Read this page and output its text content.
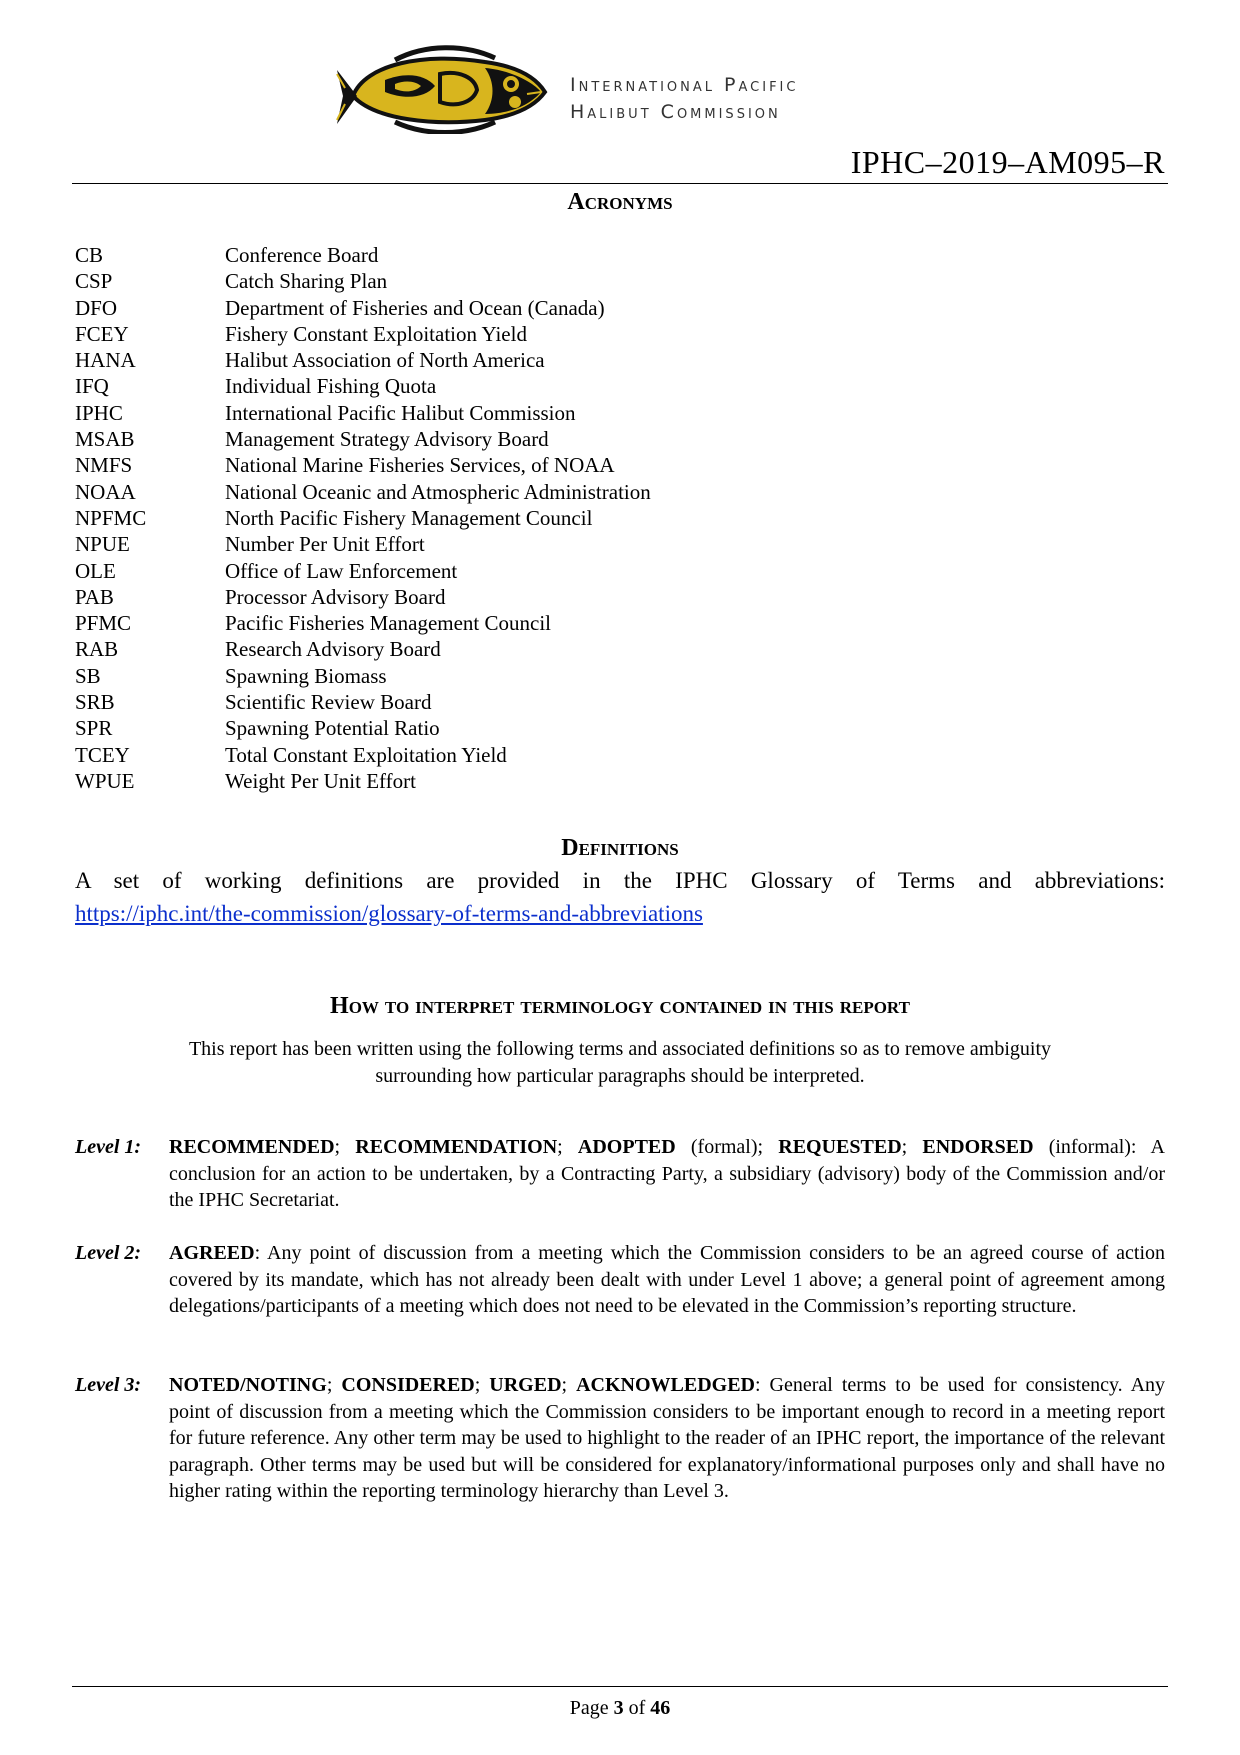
International Pacific
Halibut Commission
IPHC–2019–AM095–R
Acronyms
CB	Conference Board
CSP	Catch Sharing Plan
DFO	Department of Fisheries and Ocean (Canada)
FCEY	Fishery Constant Exploitation Yield
HANA	Halibut Association of North America
IFQ	Individual Fishing Quota
IPHC	International Pacific Halibut Commission
MSAB	Management Strategy Advisory Board
NMFS	National Marine Fisheries Services, of NOAA
NOAA	National Oceanic and Atmospheric Administration
NPFMC	North Pacific Fishery Management Council
NPUE	Number Per Unit Effort
OLE	Office of Law Enforcement
PAB	Processor Advisory Board
PFMC	Pacific Fisheries Management Council
RAB	Research Advisory Board
SB	Spawning Biomass
SRB	Scientific Review Board
SPR	Spawning Potential Ratio
TCEY	Total Constant Exploitation Yield
WPUE	Weight Per Unit Effort
Definitions
A set of working definitions are provided in the IPHC Glossary of Terms and abbreviations:
https://iphc.int/the-commission/glossary-of-terms-and-abbreviations
How to interpret terminology contained in this report
This report has been written using the following terms and associated definitions so as to remove ambiguity
surrounding how particular paragraphs should be interpreted.
Level 1:	RECOMMENDED; RECOMMENDATION; ADOPTED (formal); REQUESTED; ENDORSED (informal): A conclusion for an action to be undertaken, by a Contracting Party, a subsidiary (advisory) body of the Commission and/or the IPHC Secretariat.
Level 2:	AGREED: Any point of discussion from a meeting which the Commission considers to be an agreed course of action covered by its mandate, which has not already been dealt with under Level 1 above; a general point of agreement among delegations/participants of a meeting which does not need to be elevated in the Commission’s reporting structure.
Level 3:	NOTED/NOTING; CONSIDERED; URGED; ACKNOWLEDGED: General terms to be used for consistency. Any point of discussion from a meeting which the Commission considers to be important enough to record in a meeting report for future reference. Any other term may be used to highlight to the reader of an IPHC report, the importance of the relevant paragraph. Other terms may be used but will be considered for explanatory/informational purposes only and shall have no higher rating within the reporting terminology hierarchy than Level 3.
Page 3 of 46
